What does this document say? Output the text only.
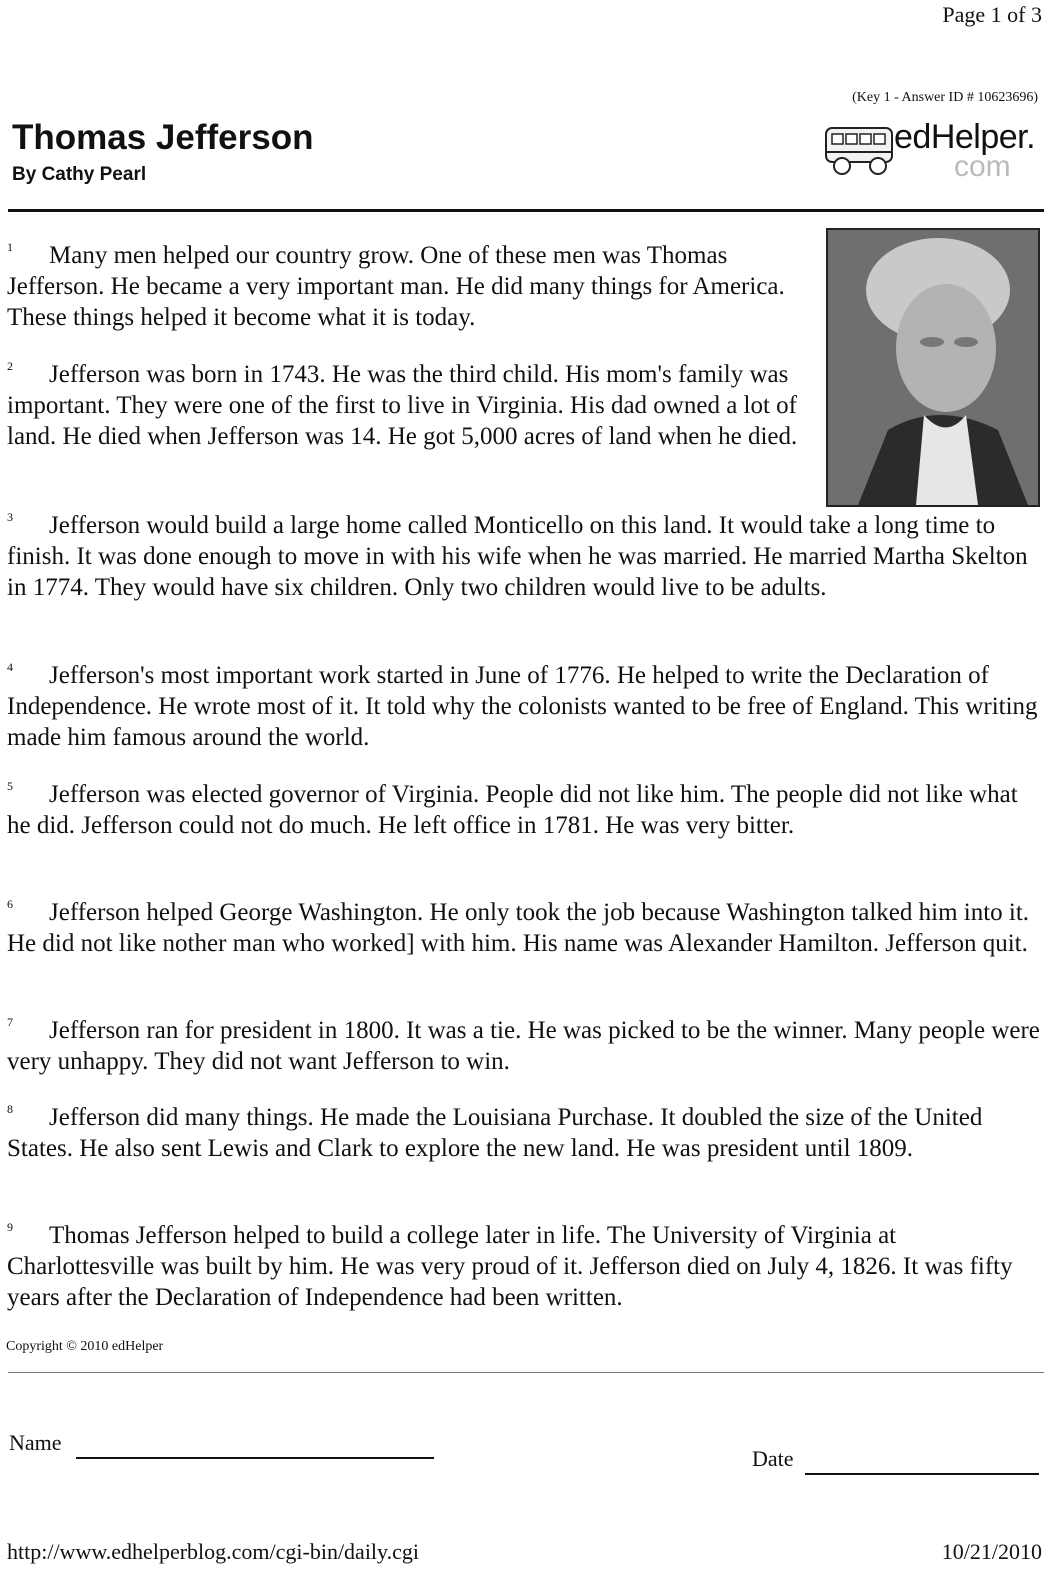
Page 1 of 3
(Key 1 - Answer ID # 10623696)
edHelper.
com
Thomas Jefferson
By Cathy Pearl
1 Many men helped our country grow. One of these men was Thomas Jefferson. He became a very important man. He did many things for America. These things helped it become what it is today.
2 Jefferson was born in 1743. He was the third child. His mom's family was important. They were one of the first to live in Virginia. His dad owned a lot of land. He died when Jefferson was 14. He got 5,000 acres of land when he died.
3 Jefferson would build a large home called Monticello on this land. It would take a long time to finish. It was done enough to move in with his wife when he was married. He married Martha Skelton in 1774. They would have six children. Only two children would live to be adults.
4 Jefferson's most important work started in June of 1776. He helped to write the Declaration of Independence. He wrote most of it. It told why the colonists wanted to be free of England. This writing made him famous around the world.
5 Jefferson was elected governor of Virginia. People did not like him. The people did not like what he did. Jefferson could not do much. He left office in 1781. He was very bitter.
6 Jefferson helped George Washington. He only took the job because Washington talked him into it. He did not like nother man who worked] with him. His name was Alexander Hamilton. Jefferson quit.
7 Jefferson ran for president in 1800. It was a tie. He was picked to be the winner. Many people were very unhappy. They did not want Jefferson to win.
8 Jefferson did many things. He made the Louisiana Purchase. It doubled the size of the United States. He also sent Lewis and Clark to explore the new land. He was president until 1809.
9 Thomas Jefferson helped to build a college later in life. The University of Virginia at Charlottesville was built by him. He was very proud of it. Jefferson died on July 4, 1826. It was fifty years after the Declaration of Independence had been written.
Copyright © 2010 edHelper
Name
Date
http://www.edhelperblog.com/cgi-bin/daily.cgi	10/21/2010
